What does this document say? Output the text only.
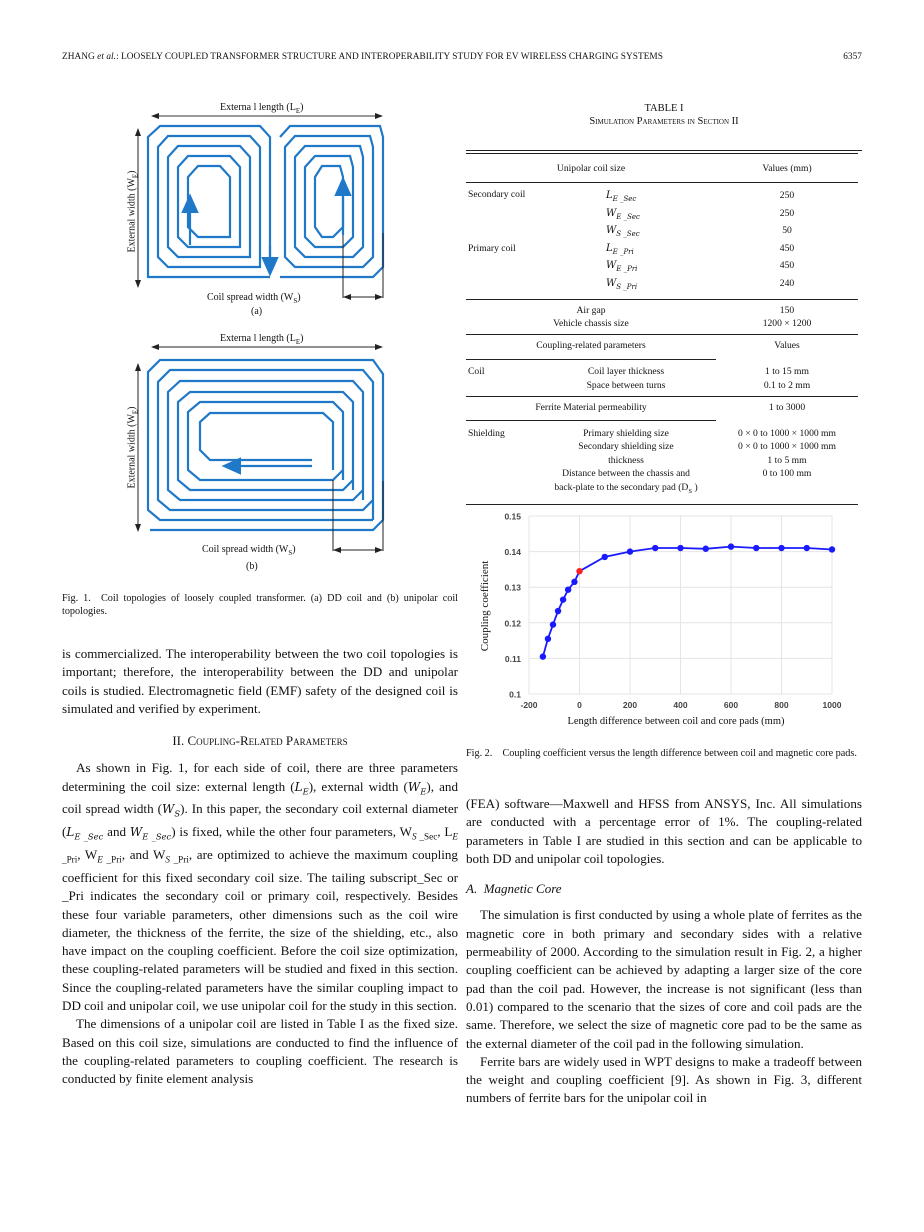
ZHANG et al.: LOOSELY COUPLED TRANSFORMER STRUCTURE AND INTEROPERABILITY STUDY FOR EV WIRELESS CHARGING SYSTEMS	6357
Externa l length $(L_E)$
External width $(W_E)$
Coil spread width $(W_S)$
(a)
Externa l length $(L_E)$
External width $(W_E)$
Coil spread width $(W_S)$
(b)
Fig. 1. Coil topologies of loosely coupled transformer. (a) DD coil and (b) unipolar coil topologies.

is commercialized. The interoperability between the two coil topologies is important; therefore, the interoperability between the DD and unipolar coils is studied. Electromagnetic field (EMF) safety of the designed coil is simulated and verified by experiment.

II. Coupling-Related Parameters

As shown in Fig. 1, for each side of coil, there are three parameters determining the coil size: external length $(L_E)$, external width $(W_E)$, and coil spread width $(W_S)$. In this paper, the secondary coil external diameter ($L_{E \_Sec}$ and $W_{E \_Sec}$) is fixed, while the other four parameters, $W_{S \_Sec}$, $L_{E \_Pri}$, $W_{E \_Pri}$, and $W_{S \_Pri}$, are optimized to achieve the maximum coupling coefficient for this fixed secondary coil size. The tailing subscript_Sec or _Pri indicates the secondary coil or primary coil, respectively. Besides these four variable parameters, other dimensions such as the coil wire diameter, the thickness of the ferrite, the size of the shielding, etc., also have impact on the coupling coefficient. Before the coil size optimization, these coupling-related parameters will be studied and fixed in this section. Since the coupling-related parameters have the similar coupling impact to DD coil and unipolar coil, we use unipolar coil for the study in this section.

The dimensions of a unipolar coil are listed in Table I as the fixed size. Based on this coil size, simulations are conducted to find the influence of the coupling-related parameters to coupling coefficient. The research is conducted by finite element analysis

TABLE I
Simulation Parameters in Section II
Unipolar coil size		Values (mm)

Secondary coil	$L_{E \_Sec}$	250
	$W_{E \_Sec}$	250
	$W_{S \_Sec}$	50
Primary coil	$L_{E \_Pri}$	450
	$W_{E \_Pri}$	450
	$W_{S \_Pri}$	240

Air gap		150
Vehicle chassis size		1200 × 1200

Coupling-related parameters		Values

Coil	Coil layer thickness	1 to 15 mm
	Space between turns	0.1 to 2 mm

Ferrite Material permeability		1 to 3000

Shielding	Primary shielding size	0 × 0 to 1000 × 1000 mm
	Secondary shielding size	0 × 0 to 1000 × 1000 mm
	thickness	1 to 5 mm
	Distance between the chassis and	0 to 100 mm
	back-plate to the secondary pad ($D_S$ )	

0.1
0.11
0.12
0.13
0.14
0.15
-200	0	200	400	600	800	1000
Coupling coefficient
Length difference between coil and core pads (mm)
Fig. 2. Coupling coefficient versus the length difference between coil and magnetic core pads.

(FEA) software—Maxwell and HFSS from ANSYS, Inc. All simulations are conducted with a percentage error of 1%. The coupling-related parameters in Table I are studied in this section and can be applicable to both DD and unipolar coil topologies.

A. Magnetic Core

The simulation is first conducted by using a whole plate of ferrites as the magnetic core in both primary and secondary sides with a relative permeability of 2000. According to the simulation result in Fig. 2, a higher coupling coefficient can be achieved by adapting a larger size of the core pad than the coil pad. However, the increase is not significant (less than 0.01) compared to the scenario that the sizes of core and coil pads are the same. Therefore, we select the size of magnetic core pad to be the same as the external diameter of the coil pad in the following simulation.

Ferrite bars are widely used in WPT designs to make a tradeoff between the weight and coupling coefficient [9]. As shown in Fig. 3, different numbers of ferrite bars for the unipolar coil in
